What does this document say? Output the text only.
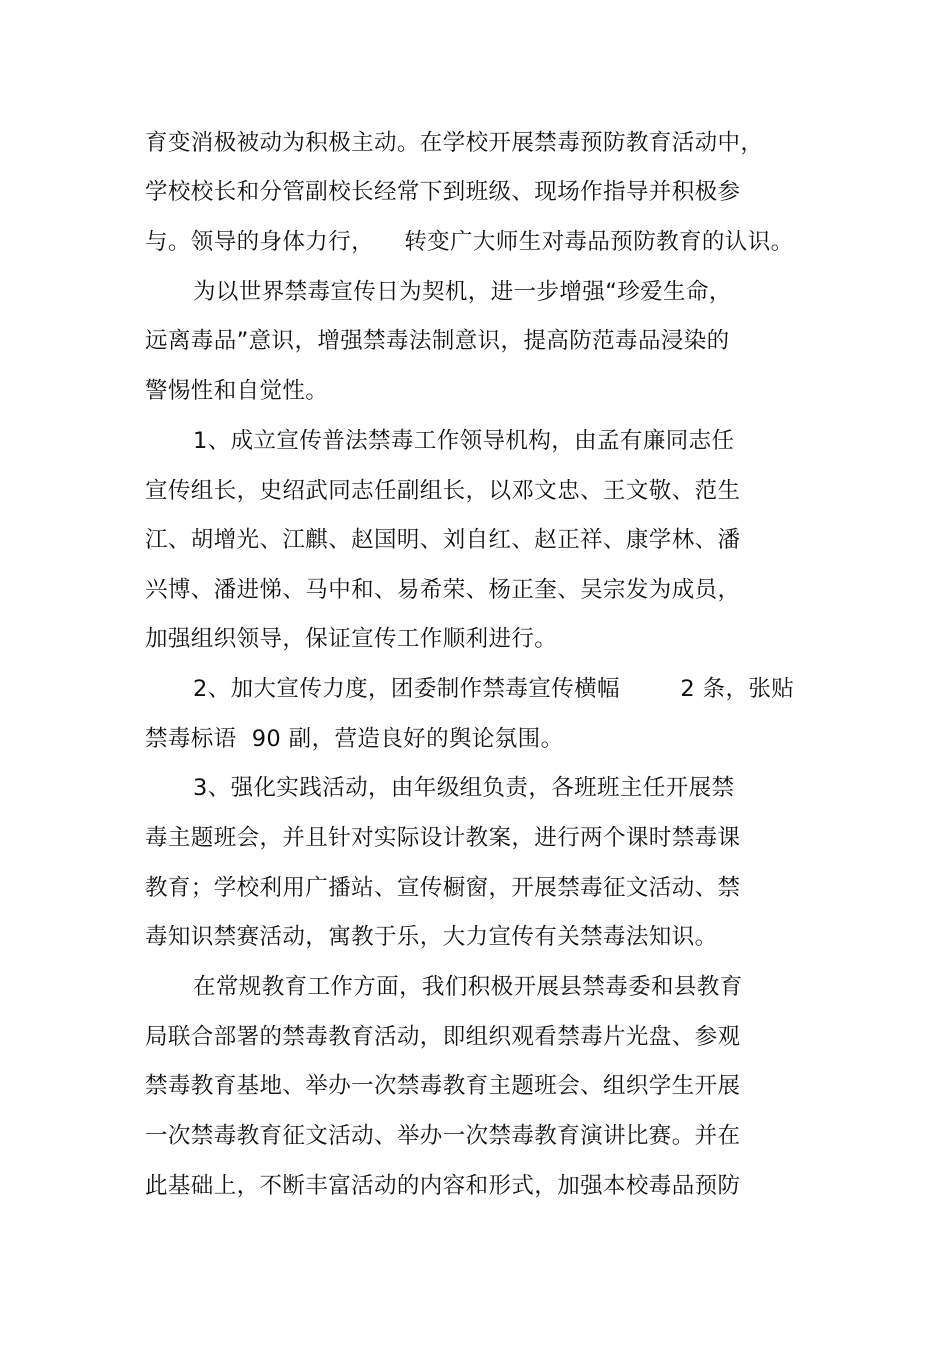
育变消极被动为积极主动。在学校开展禁毒预防教育活动中，
学校校长和分管副校长经常下到班级、现场作指导并积极参
与。领导的身体力行，    转变广大师生对毒品预防教育的认识。
为以世界禁毒宣传日为契机，进一步增强“珍爱生命，
远离毒品”意识，增强禁毒法制意识，提高防范毒品浸染的
警惕性和自觉性。
1、成立宣传普法禁毒工作领导机构，由孟有廉同志任
宣传组长，史绍武同志任副组长，以邓文忠、王文敬、范生
江、胡增光、江麒、赵国明、刘自红、赵正祥、康学林、潘
兴博、潘进悌、马中和、易希荣、杨正奎、吴宗发为成员，
加强组织领导，保证宣传工作顺利进行。
2、加大宣传力度，团委制作禁毒宣传横幅        2 条，张贴
禁毒标语  90 副，营造良好的舆论氛围。
3、强化实践活动，由年级组负责，各班班主任开展禁
毒主题班会，并且针对实际设计教案，进行两个课时禁毒课
教育；学校利用广播站、宣传橱窗，开展禁毒征文活动、禁
毒知识禁赛活动，寓教于乐，大力宣传有关禁毒法知识。
在常规教育工作方面，我们积极开展县禁毒委和县教育
局联合部署的禁毒教育活动，即组织观看禁毒片光盘、参观
禁毒教育基地、举办一次禁毒教育主题班会、组织学生开展
一次禁毒教育征文活动、举办一次禁毒教育演讲比赛。并在
此基础上，不断丰富活动的内容和形式，加强本校毒品预防
